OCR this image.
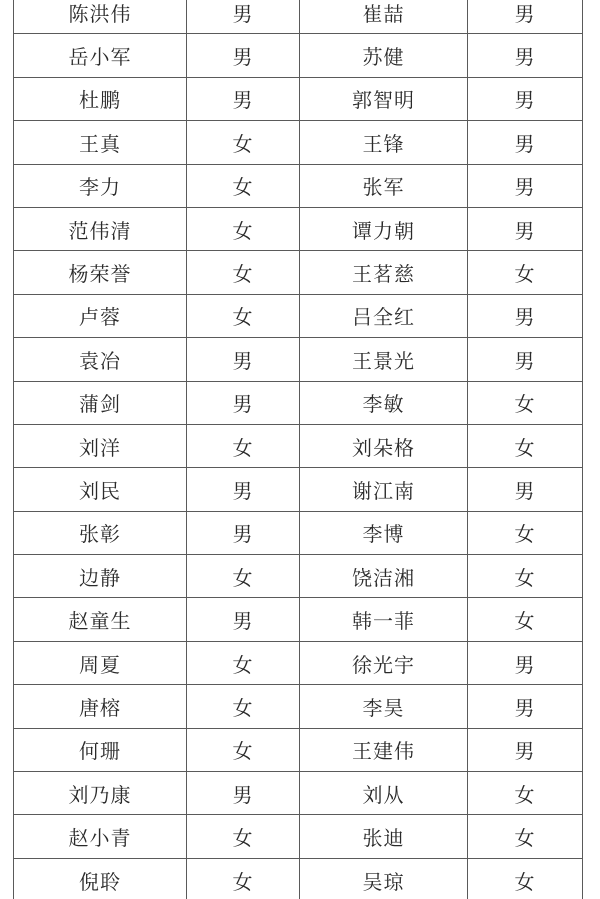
陈洪伟	男	崔喆	男
岳小军	男	苏健	男
杜鹏	男	郭智明	男
王真	女	王锋	男
李力	女	张军	男
范伟清	女	谭力朝	男
杨荣誉	女	王茗慈	女
卢蓉	女	吕全红	男
袁冶	男	王景光	男
蒲剑	男	李敏	女
刘洋	女	刘朵格	女
刘民	男	谢江南	男
张彰	男	李博	女
边静	女	饶洁湘	女
赵童生	男	韩一菲	女
周夏	女	徐光宇	男
唐榕	女	李昊	男
何珊	女	王建伟	男
刘乃康	男	刘从	女
赵小青	女	张迪	女
倪聆	女	吴琼	女
